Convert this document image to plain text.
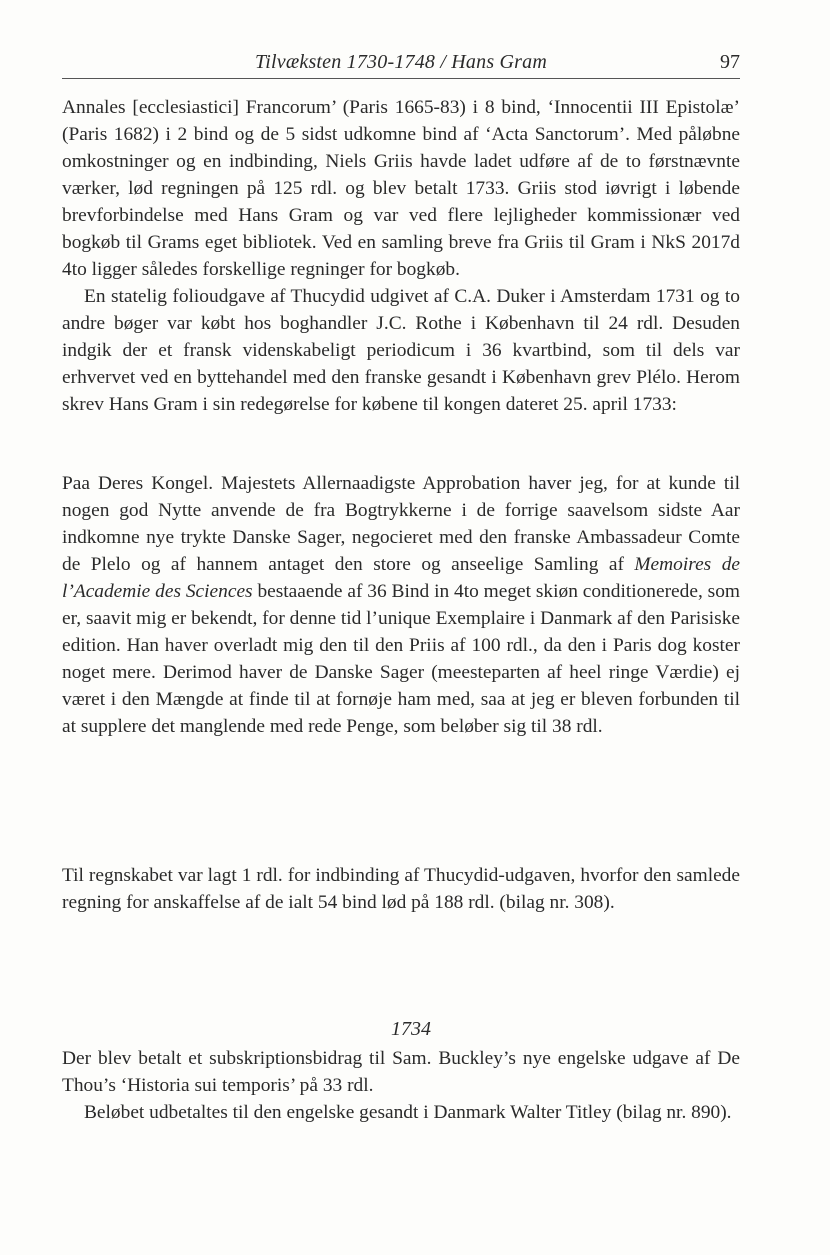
Tilvæksten 1730-1748 / Hans Gram	97

Annales [ecclesiastici] Francorum’ (Paris 1665-83) i 8 bind, ‘Innocentii III Epistolæ’ (Paris 1682) i 2 bind og de 5 sidst udkomne bind af ‘Acta Sanctorum’. Med påløbne omkostninger og en indbinding, Niels Griis havde ladet udføre af de to førstnævnte værker, lød regningen på 125 rdl. og blev betalt 1733. Griis stod iøvrigt i løbende brevforbindelse med Hans Gram og var ved flere lejligheder kommissionær ved bogkøb til Grams eget bibliotek. Ved en samling breve fra Griis til Gram i NkS 2017d 4to ligger således forskellige regninger for bogkøb.

En statelig folioudgave af Thucydid udgivet af C.A. Duker i Amsterdam 1731 og to andre bøger var købt hos boghandler J.C. Rothe i København til 24 rdl. Desuden indgik der et fransk videnskabeligt periodicum i 36 kvartbind, som til dels var erhvervet ved en byttehandel med den franske gesandt i København grev Plélo. Herom skrev Hans Gram i sin redegørelse for købene til kongen dateret 25. april 1733:

Paa Deres Kongel. Majestets Allernaadigste Approbation haver jeg, for at kunde til nogen god Nytte anvende de fra Bogtrykkerne i de forrige saavelsom sidste Aar indkomne nye trykte Danske Sager, negocieret med den franske Ambassadeur Comte de Plelo og af hannem antaget den store og anseelige Samling af Memoires de l’Academie des Sciences bestaaende af 36 Bind in 4to meget skiøn conditionerede, som er, saavit mig er bekendt, for denne tid l’unique Exemplaire i Danmark af den Parisiske edition. Han haver overladt mig den til den Priis af 100 rdl., da den i Paris dog koster noget mere. Derimod haver de Danske Sager (meesteparten af heel ringe Værdie) ej været i den Mængde at finde til at fornøje ham med, saa at jeg er bleven forbunden til at supplere det manglende med rede Penge, som beløber sig til 38 rdl.

Til regnskabet var lagt 1 rdl. for indbinding af Thucydid-udgaven, hvorfor den samlede regning for anskaffelse af de ialt 54 bind lød på 188 rdl. (bilag nr. 308).

1734

Der blev betalt et subskriptionsbidrag til Sam. Buckley’s nye engelske udgave af De Thou’s ‘Historia sui temporis’ på 33 rdl.

Beløbet udbetaltes til den engelske gesandt i Danmark Walter Titley (bilag nr. 890).
